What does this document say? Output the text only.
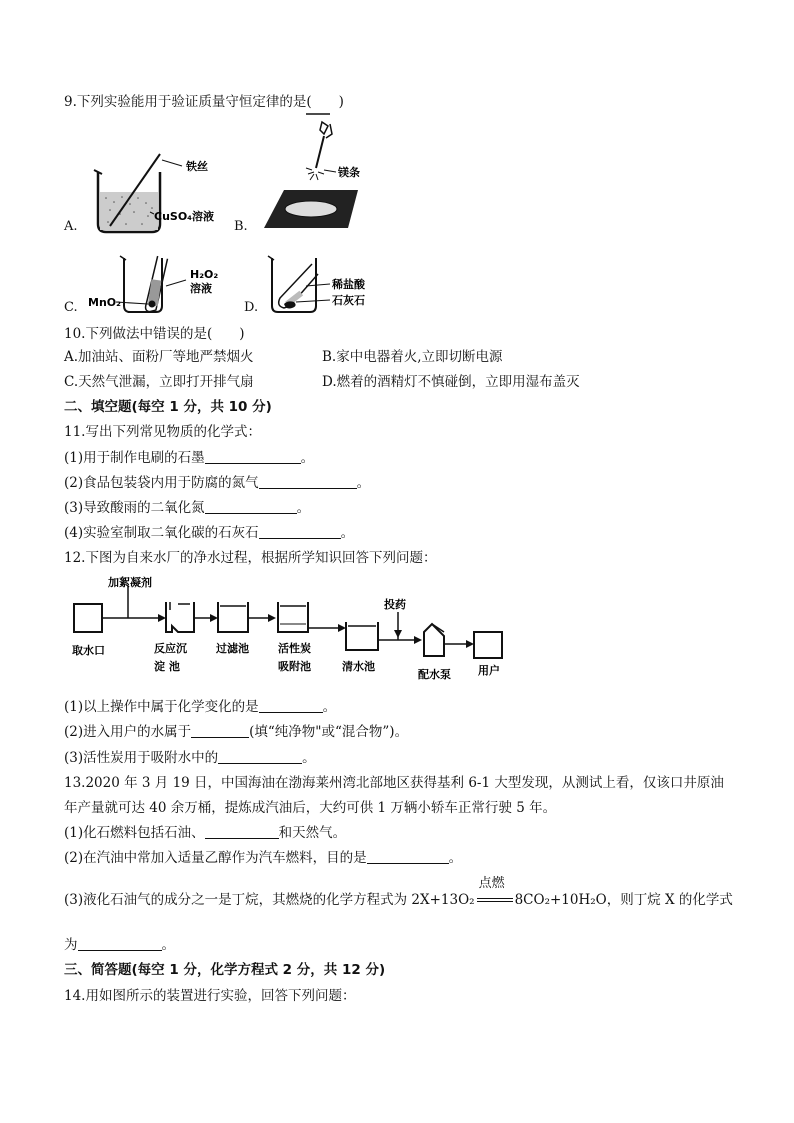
9.下列实验能用于验证质量守恒定律的是(　　)
A.
铁丝
CuSO₄溶液
B.
镁条
C. MnO₂
H₂O₂
溶液
D.
稀盐酸
石灰石
10.下列做法中错误的是(　　)
A.加油站、面粉厂等地严禁烟火	B.家中电器着火,立即切断电源
C.天然气泄漏，立即打开排气扇	D.燃着的酒精灯不慎碰倒，立即用湿布盖灭
二、填空题(每空 1 分，共 10 分)
11.写出下列常见物质的化学式：
(1)用于制作电刷的石墨	。
(2)食品包装袋内用于防腐的氮气	。
(3)导致酸雨的二氧化氮	。
(4)实验室制取二氧化碳的石灰石	。
12.下图为自来水厂的净水过程，根据所学知识回答下列问题：
加絮凝剂
取水口	反应沉
淀 池
过滤池	活性炭
吸附池
投药
清水池
配水泵 用户
(1)以上操作中属于化学变化的是	。
(2)进入用户的水属于	(填“纯净物"或“混合物”)。
(3)活性炭用于吸附水中的	。
13.2020 年 3 月 19 日，中国海油在渤海莱州湾北部地区获得基利 6-1 大型发现，从测试上看，仅该口井原油
年产量就可达 40 余万桶，提炼成汽油后，大约可供 1 万辆小轿车正常行驶 5 年。
(1)化石燃料包括石油、	和天然气。
(2)在汽油中常加入适量乙醇作为汽车燃料，目的是	。
(3)液化石油气的成分之一是丁烷，其燃烧的化学方程式为 2X+13O₂
点燃
8CO₂+10H₂O，则丁烷 X 的化学式
为	。
三、简答题(每空 1 分，化学方程式 2 分，共 12 分)
14.用如图所示的装置进行实验，回答下列问题：
